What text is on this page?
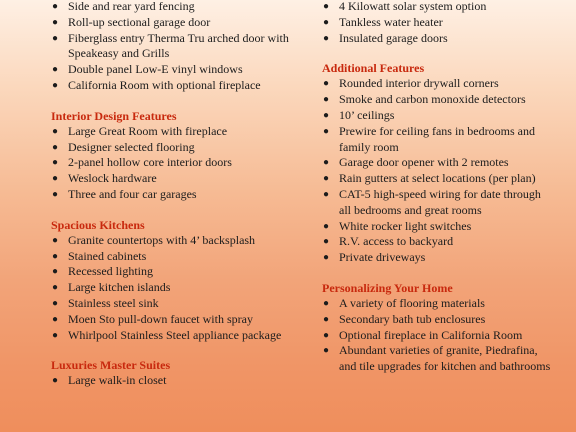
● Side and rear yard fencing
● Roll-up sectional garage door
● Fiberglass entry Therma Tru arched door with Speakeasy and Grills
● Double panel Low-E vinyl windows
● California Room with optional fireplace
Interior Design Features
● Large Great Room with fireplace
● Designer selected flooring
● 2-panel hollow core interior doors
● Weslock hardware
● Three and four car garages
Spacious Kitchens
● Granite countertops with 4’ backsplash
● Stained cabinets
● Recessed lighting
● Large kitchen islands
● Stainless steel sink
● Moen Sto pull-down faucet with spray
● Whirlpool Stainless Steel appliance package
Luxuries Master Suites
● Large walk-in closet
● 4 Kilowatt solar system option
● Tankless water heater
● Insulated garage doors
Additional Features
● Rounded interior drywall corners
● Smoke and carbon monoxide detectors
● 10’ ceilings
● Prewire for ceiling fans in bedrooms and family room
● Garage door opener with 2 remotes
● Rain gutters at select locations (per plan)
● CAT-5 high-speed wiring for date through all bedrooms and great rooms
● White rocker light switches
● R.V. access to backyard
● Private driveways
Personalizing Your Home
● A variety of flooring materials
● Secondary bath tub enclosures
● Optional fireplace in California Room
● Abundant varieties of granite, Piedrafina, and tile upgrades for kitchen and bathrooms
